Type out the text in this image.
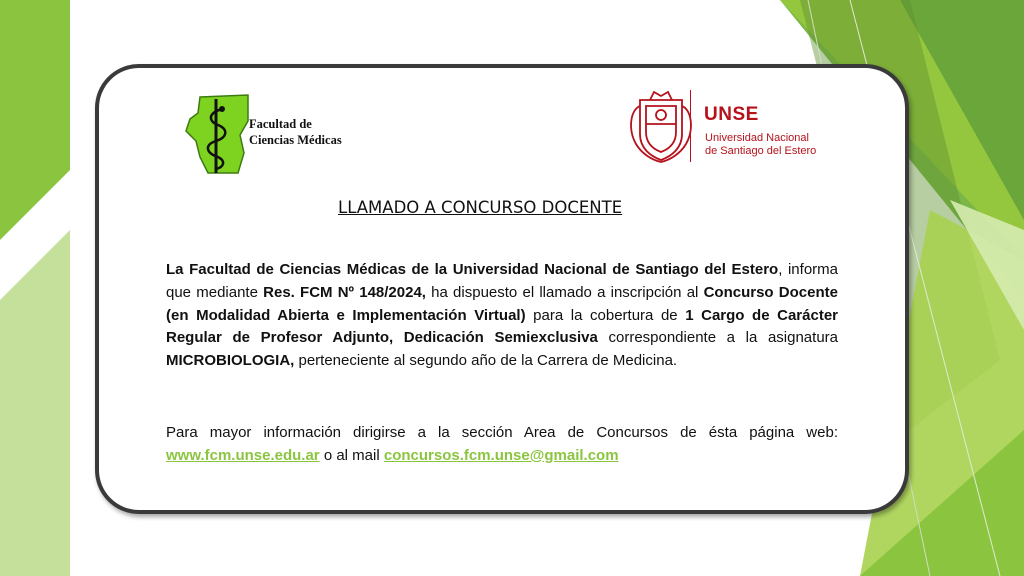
Facultad de
Ciencias Médicas
UNSE
Universidad Nacional
de Santiago del Estero
LLAMADO A CONCURSO DOCENTE

La Facultad de Ciencias Médicas de la Universidad Nacional de Santiago del Estero, informa que mediante Res. FCM Nº 148/2024, ha dispuesto el llamado a inscripción al Concurso Docente (en Modalidad Abierta e Implementación Virtual) para la cobertura de 1 Cargo de Carácter Regular de Profesor Adjunto, Dedicación Semiexclusiva correspondiente a la asignatura MICROBIOLOGIA, perteneciente al segundo año de la Carrera de Medicina.

Para mayor información dirigirse a la sección Area de Concursos de ésta página web: www.fcm.unse.edu.ar o al mail concursos.fcm.unse@gmail.com
